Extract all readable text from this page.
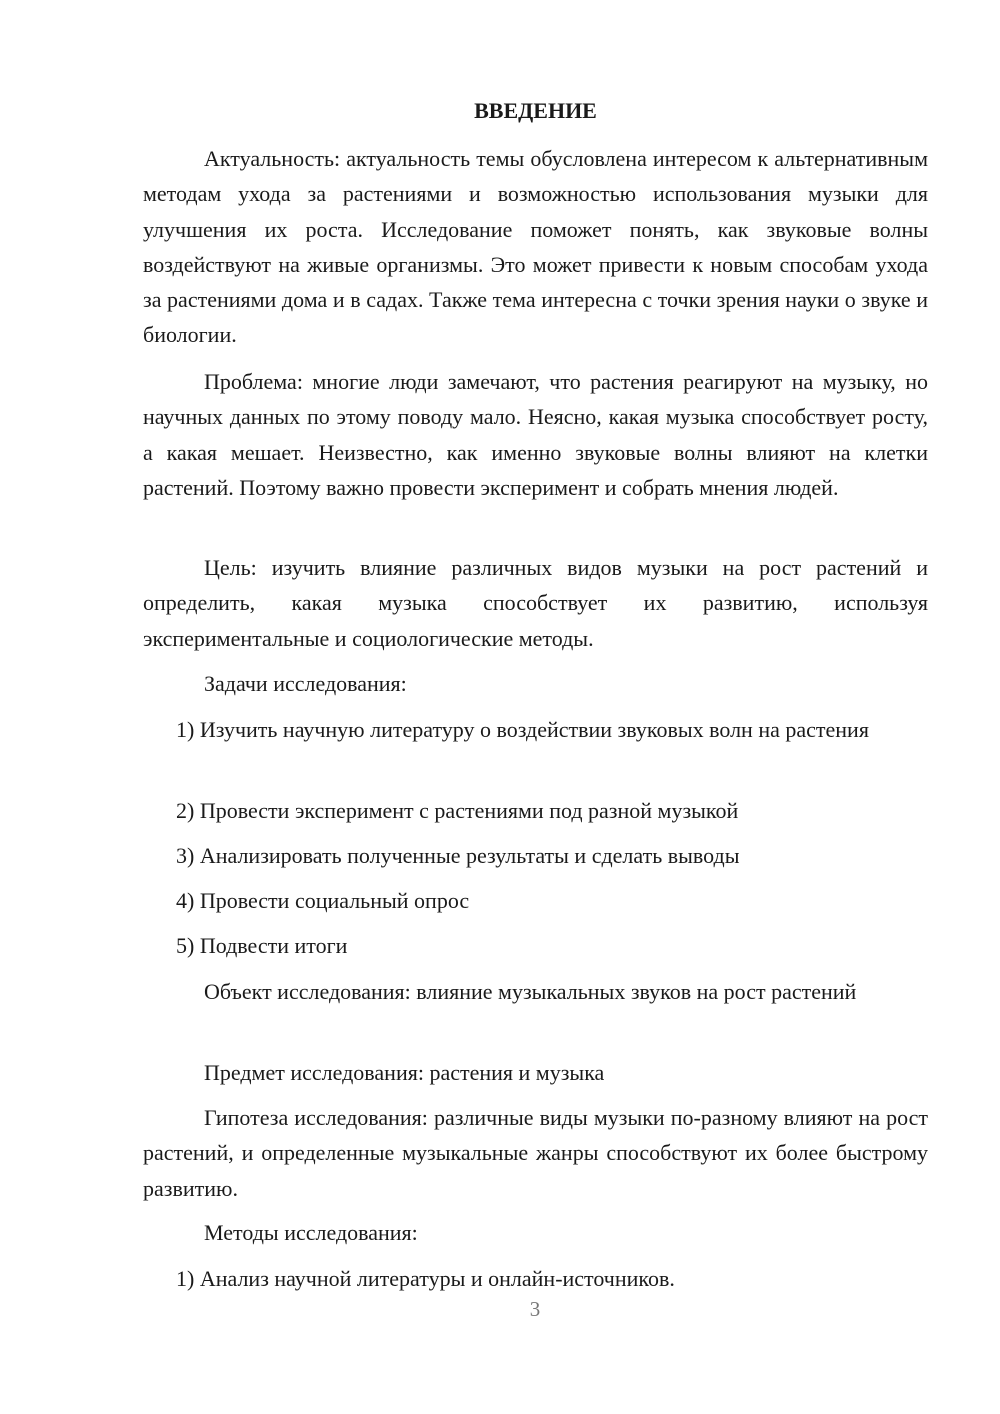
ВВЕДЕНИЕ

Актуальность: актуальность темы обусловлена интересом к альтернативным методам ухода за растениями и возможностью использования музыки для улучшения их роста. Исследование поможет понять, как звуковые волны воздействуют на живые организмы. Это может привести к новым способам ухода за растениями дома и в садах. Также тема интересна с точки зрения науки о звуке и биологии.

Проблема: многие люди замечают, что растения реагируют на музыку, но научных данных по этому поводу мало. Неясно, какая музыка способствует росту, а какая мешает. Неизвестно, как именно звуковые волны влияют на клетки растений. Поэтому важно провести эксперимент и собрать мнения людей.

Цель: изучить влияние различных видов музыки на рост растений и определить, какая музыка способствует их развитию, используя экспериментальные и социологические методы.

Задачи исследования:

1) Изучить научную литературу о воздействии звуковых волн на растения

2) Провести эксперимент с растениями под разной музыкой

3) Анализировать полученные результаты и сделать выводы

4) Провести социальный опрос

5) Подвести итоги

Объект исследования: влияние музыкальных звуков на рост растений

Предмет исследования: растения и музыка

Гипотеза исследования: различные виды музыки по-разному влияют на рост растений, и определенные музыкальные жанры способствуют их более быстрому развитию.

Методы исследования:

1) Анализ научной литературы и онлайн-источников.

3
